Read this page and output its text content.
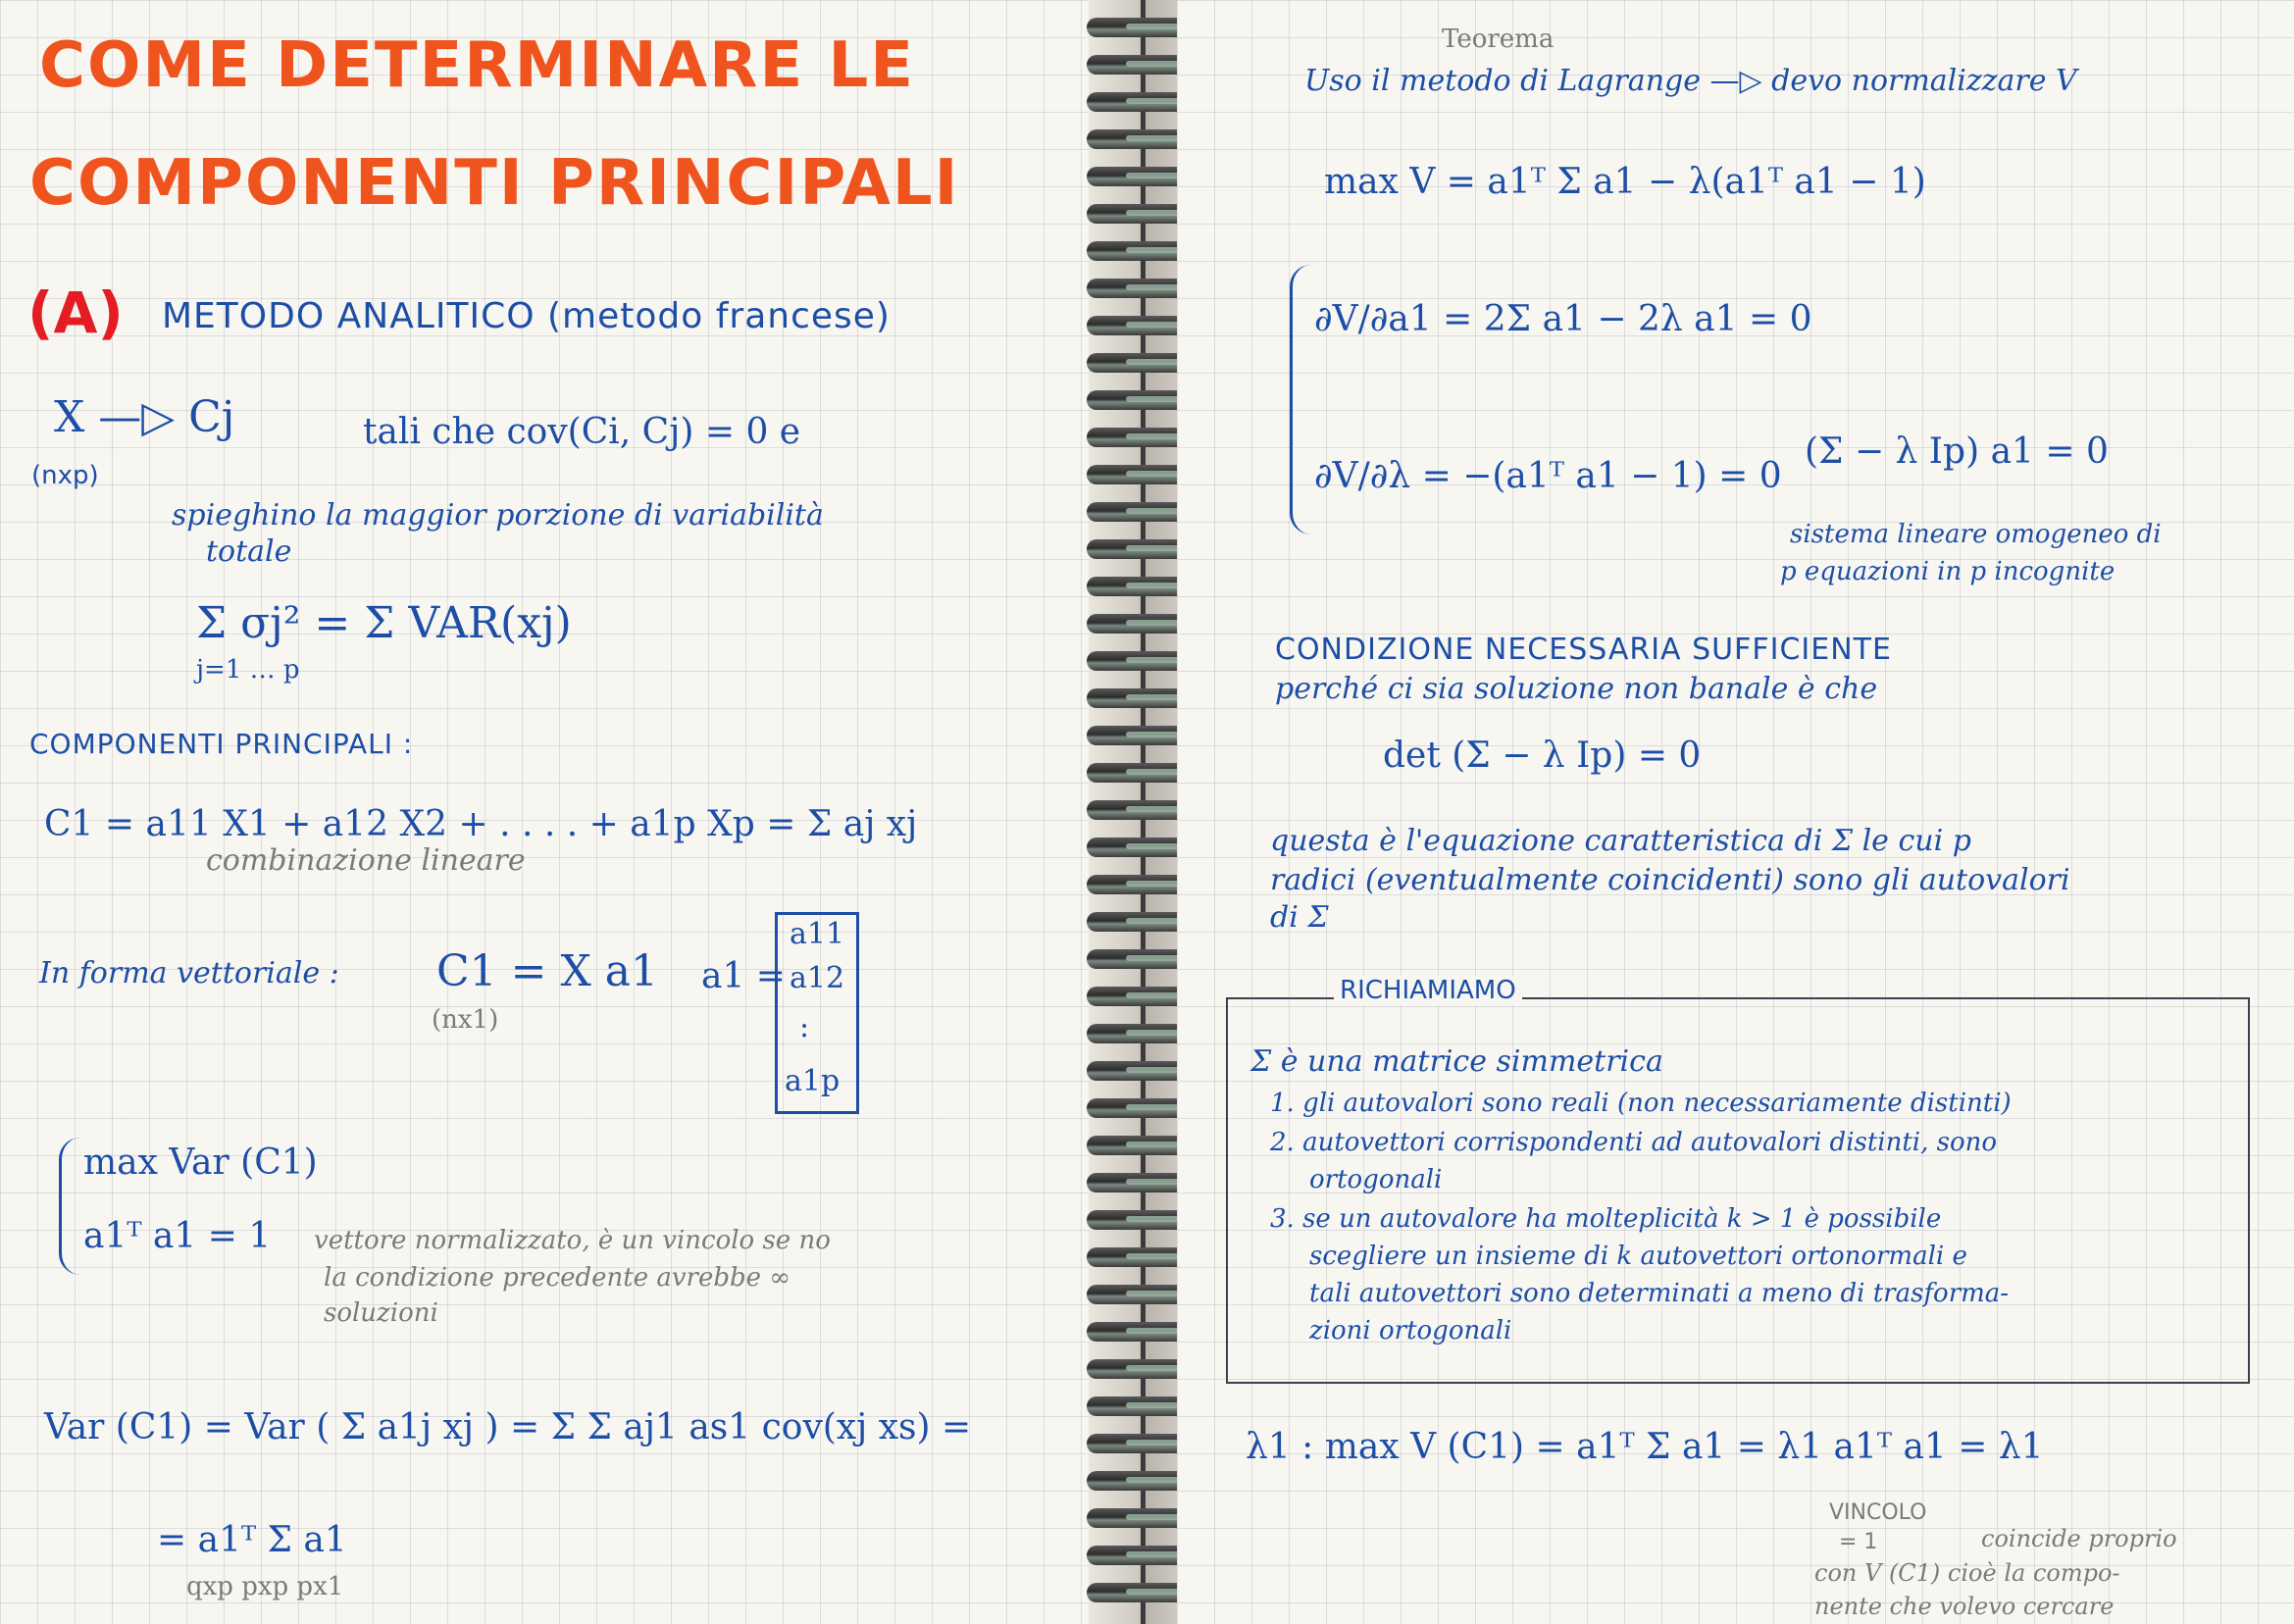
COME DETERMINARE LE
COMPONENTI PRINCIPALI
(A) METODO ANALITICO (metodo francese)
X —▷ Cj
(nxp)
tali che cov(Ci, Cj) = 0 e
spieghino la maggior porzione di variabilità
totale
Σ σj² = Σ VAR(xj)
j=1 … p
COMPONENTI PRINCIPALI :
C1 = a11 X1 + a12 X2 + . . . . + a1p Xp = Σ aj xj
combinazione lineare
In forma vettoriale : C1 = X a1
(nx1)
a1 =
a11
a12
:
a1p
max Var (C1)
a1ᵀ a1 = 1 vettore normalizzato, è un vincolo se no
la condizione precedente avrebbe ∞
soluzioni
Var (C1) = Var ( Σ a1j xj ) = Σ Σ aj1 as1 cov(xj xs) =
= a1ᵀ Σ a1
qxp pxp px1
Teorema
Uso il metodo di Lagrange —▷ devo normalizzare V
max V = a1ᵀ Σ a1 − λ(a1ᵀ a1 − 1)
∂V/∂a1 = 2Σ a1 − 2λ a1 = 0
∂V/∂λ = −(a1ᵀ a1 − 1) = 0
(Σ − λ Ip) a1 = 0
sistema lineare omogeneo di
p equazioni in p incognite
CONDIZIONE NECESSARIA SUFFICIENTE
perché ci sia soluzione non banale è che
det (Σ − λ Ip) = 0
questa è l'equazione caratteristica di Σ le cui p
radici (eventualmente coincidenti) sono gli autovalori
di Σ
RICHIAMIAMO
Σ è una matrice simmetrica
1. gli autovalori sono reali (non necessariamente distinti)
2. autovettori corrispondenti ad autovalori distinti, sono
ortogonali
3. se un autovalore ha molteplicità k > 1 è possibile
scegliere un insieme di k autovettori ortonormali e
tali autovettori sono determinati a meno di trasforma-
zioni ortogonali
λ1 : max V (C1) = a1ᵀ Σ a1 = λ1 a1ᵀ a1 = λ1
VINCOLO
= 1	coincide proprio
con V (C1) cioè la compo-
nente che volevo cercare
